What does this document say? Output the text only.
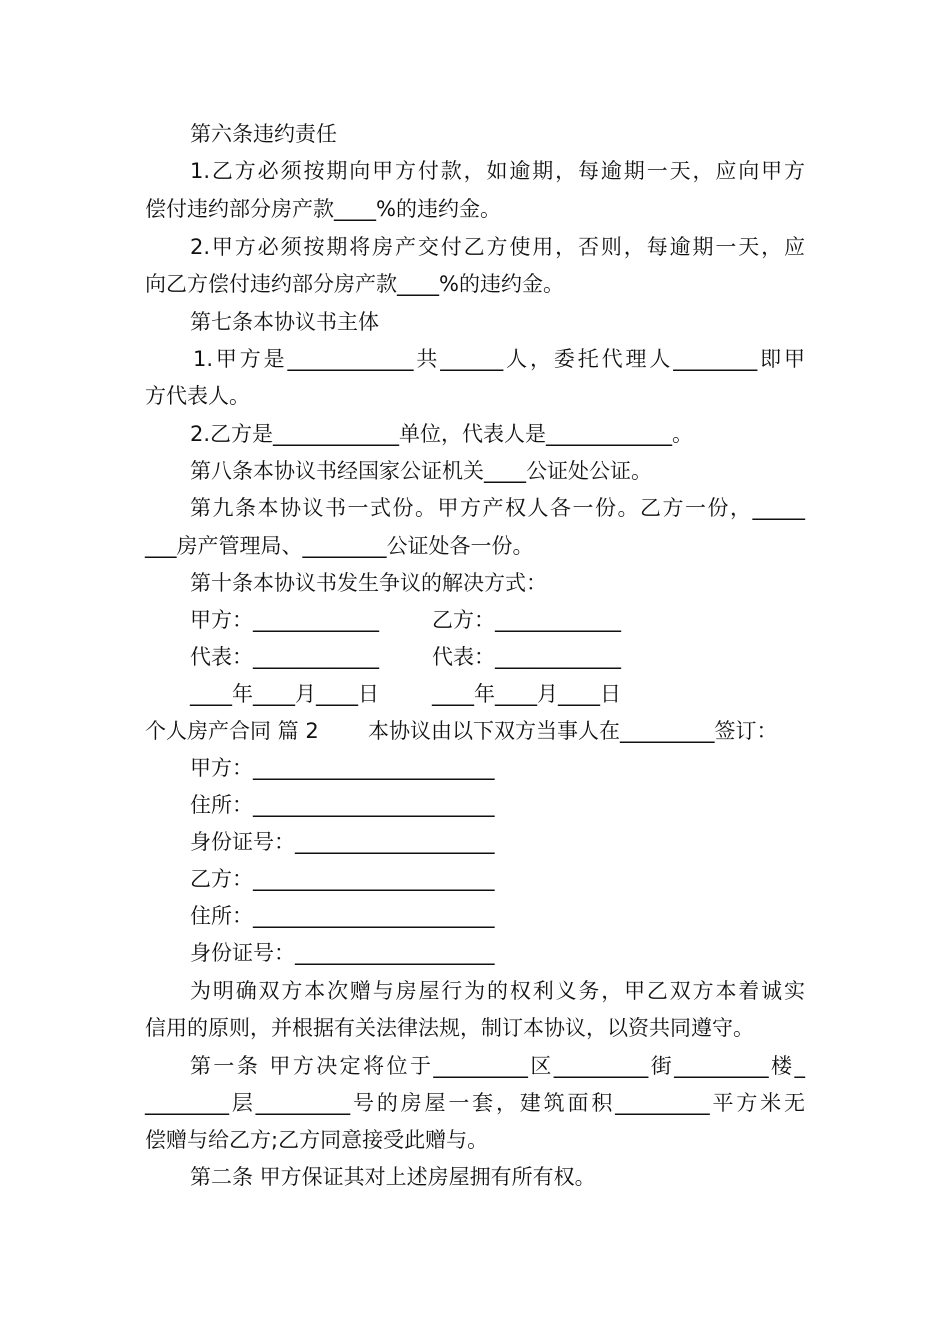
第六条违约责任
1.乙方必须按期向甲方付款，如逾期，每逾期一天，应向甲方
偿付违约部分房产款____%的违约金。
2.甲方必须按期将房产交付乙方使用，否则，每逾期一天，应
向乙方偿付违约部分房产款____%的违约金。
第七条本协议书主体
1.甲方是____________共______人，委托代理人________即甲
方代表人。
2.乙方是____________单位，代表人是____________。
第八条本协议书经国家公证机关____公证处公证。
第九条本协议书一式份。甲方产权人各一份。乙方一份，_____
___房产管理局、________公证处各一份。
第十条本协议书发生争议的解决方式：
甲方：____________	乙方：____________
代表：____________	代表：____________
____年____月____日	____年____月____日
个人房产合同 篇 2 本协议由以下双方当事人在_________签订：
甲方：_______________________
住所：_______________________
身份证号：___________________
乙方：_______________________
住所：_______________________
身份证号：___________________
为明确双方本次赠与房屋行为的权利义务，甲乙双方本着诚实
信用的原则，并根据有关法律法规，制订本协议，以资共同遵守。
第一条 甲方决定将位于_________区_________街_________楼_
________层_________号的房屋一套，建筑面积_________平方米无
偿赠与给乙方;乙方同意接受此赠与。
第二条 甲方保证其对上述房屋拥有所有权。
